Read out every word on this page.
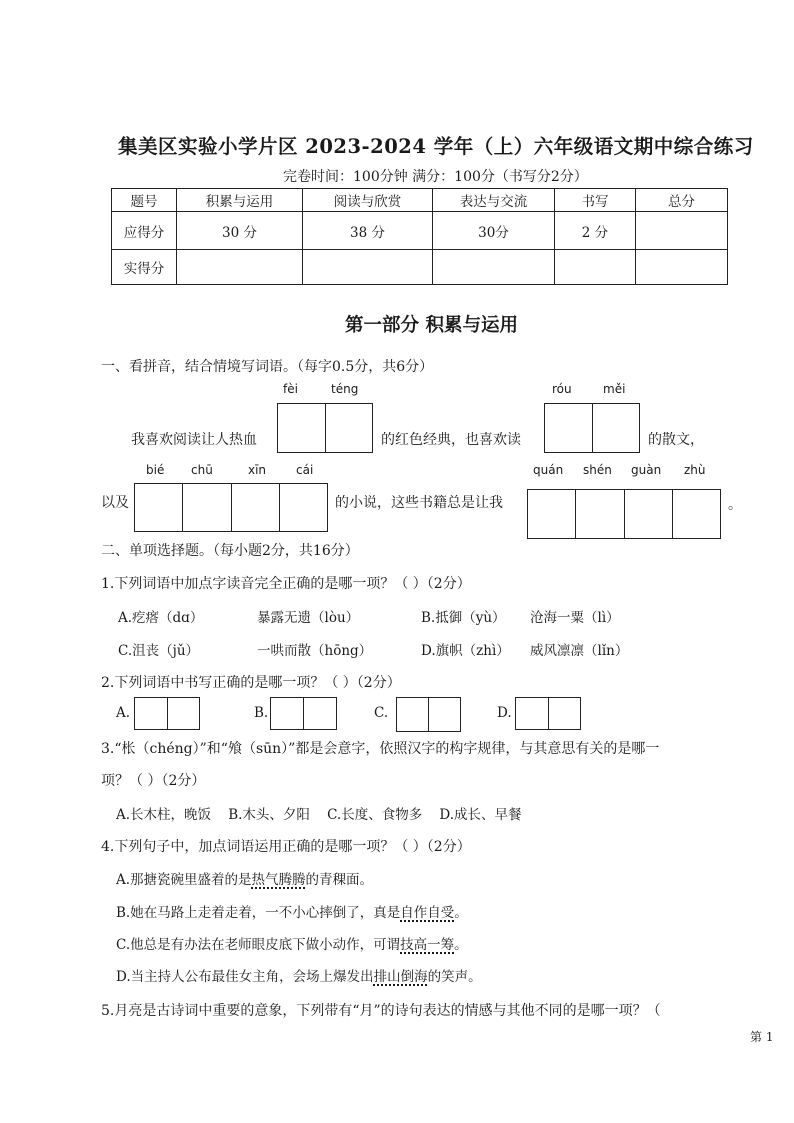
集美区实验小学片区 2023-2024 学年（上）六年级语文期中综合练习
完卷时间：100分钟 满分：100分（书写分2分）
题号	积累与运用	阅读与欣赏	表达与交流	书写	总分
应得分	30 分	38 分	30分	2 分	
实得分					
第一部分 积累与运用
一、看拼音，结合情境写词语。（每字0.5分，共6分）
fèi	téng	róu	měi
我喜欢阅读让人热血	的红色经典，也喜欢读	的散文，
bié chū	xīn cái	quán shén guàn zhù
以及	的小说，这些书籍总是让我	。
二、单项选择题。（每小题2分，共16分）
1.下列词语中加点字读音完全正确的是哪一项？（ ）（2分）
A.疙瘩（dɑ）	暴露无遗（lòu）	B.抵御（yù） 沧海一粟（lì）
C.沮丧（jǔ）	一哄而散（hōng）	D.旗帜（zhì） 威风凛凛（lǐn）
2.下列词语中书写正确的是哪一项？（ ）（2分）
A.	B.	C.	D.
3.“枨（chéng）”和“飧（sūn）”都是会意字，依照汉字的构字规律，与其意思有关的是哪一
项？（ ）（2分）
A.长木柱，晚饭    B.木头、夕阳    C.长度、食物多    D.成长、早餐
4.下列句子中，加点词语运用正确的是哪一项？（ ）（2分）
A.那搪瓷碗里盛着的是热气腾腾的青稞面。
B.她在马路上走着走着，一不小心摔倒了，真是自作自受。
C.他总是有办法在老师眼皮底下做小动作，可谓技高一筹。
D.当主持人公布最佳女主角，会场上爆发出排山倒海的笑声。
5.月亮是古诗词中重要的意象，下列带有“月”的诗句表达的情感与其他不同的是哪一项？（
第 1
